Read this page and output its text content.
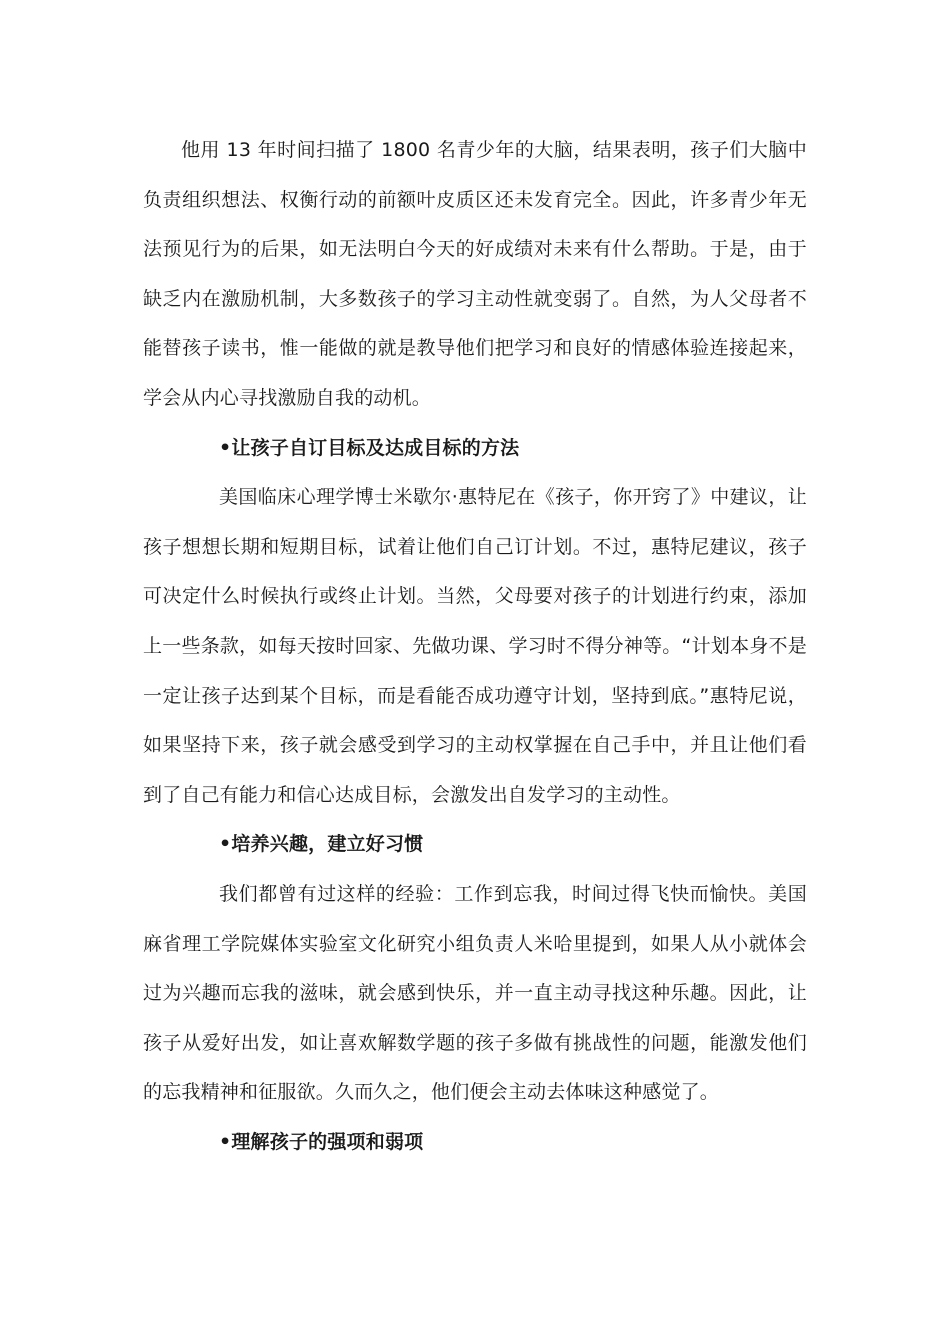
他用 13 年时间扫描了 1800 名青少年的大脑，结果表明，孩子们大脑中负责组织想法、权衡行动的前额叶皮质区还未发育完全。因此，许多青少年无法预见行为的后果，如无法明白今天的好成绩对未来有什么帮助。于是，由于缺乏内在激励机制，大多数孩子的学习主动性就变弱了。自然，为人父母者不能替孩子读书，惟一能做的就是教导他们把学习和良好的情感体验连接起来，学会从内心寻找激励自我的动机。

•让孩子自订目标及达成目标的方法

美国临床心理学博士米歇尔·惠特尼在《孩子，你开窍了》中建议，让孩子想想长期和短期目标，试着让他们自己订计划。不过，惠特尼建议，孩子可决定什么时候执行或终止计划。当然，父母要对孩子的计划进行约束，添加上一些条款，如每天按时回家、先做功课、学习时不得分神等。“计划本身不是一定让孩子达到某个目标，而是看能否成功遵守计划，坚持到底。”惠特尼说，如果坚持下来，孩子就会感受到学习的主动权掌握在自己手中，并且让他们看到了自己有能力和信心达成目标，会激发出自发学习的主动性。

•培养兴趣，建立好习惯

我们都曾有过这样的经验：工作到忘我，时间过得飞快而愉快。美国麻省理工学院媒体实验室文化研究小组负责人米哈里提到，如果人从小就体会过为兴趣而忘我的滋味，就会感到快乐，并一直主动寻找这种乐趣。因此，让孩子从爱好出发，如让喜欢解数学题的孩子多做有挑战性的问题，能激发他们的忘我精神和征服欲。久而久之，他们便会主动去体味这种感觉了。

•理解孩子的强项和弱项
